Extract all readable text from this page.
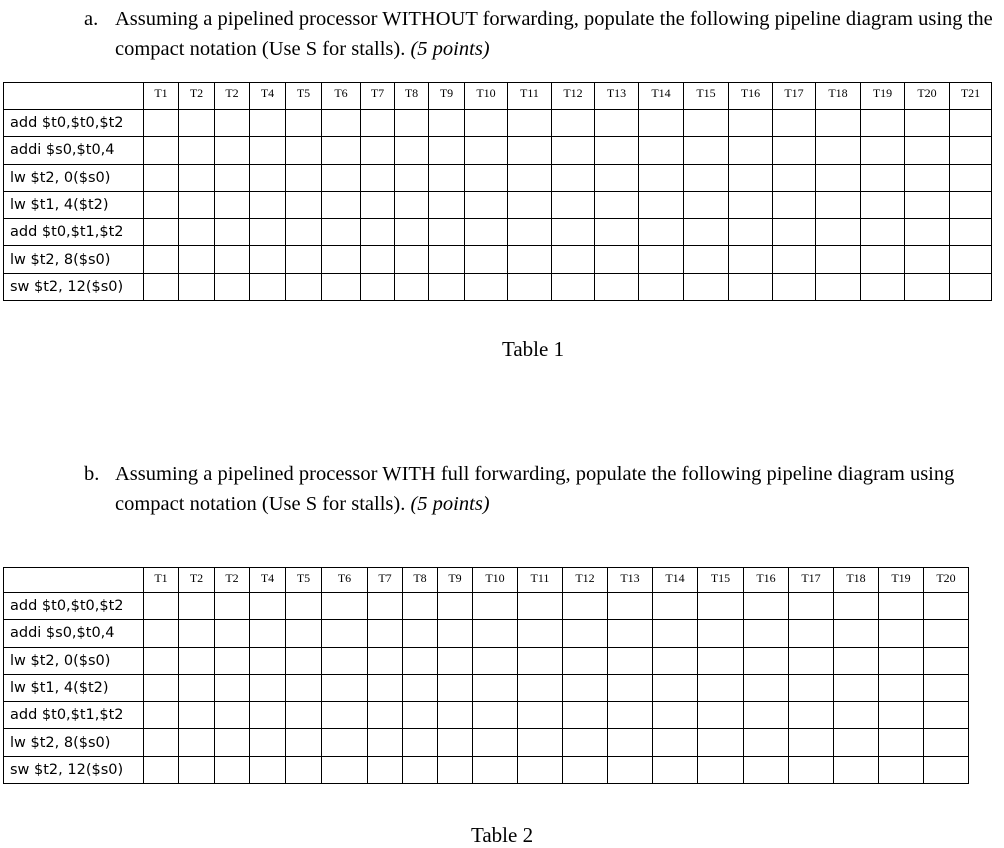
a. Assuming a pipelined processor WITHOUT forwarding, populate the following pipeline diagram using the compact notation (Use S for stalls). (5 points)
	T1	T2	T2	T4	T5	T6	T7	T8	T9	T10	T11	T12	T13	T14	T15	T16	T17	T18	T19	T20	T21
add $t0,$t0,$t2																					
addi $s0,$t0,4																					
lw $t2, 0($s0)																					
lw $t1, 4($t2)																					
add $t0,$t1,$t2																					
lw $t2, 8($s0)																					
sw $t2, 12($s0)																					
Table 1
b. Assuming a pipelined processor WITH full forwarding, populate the following pipeline diagram using compact notation (Use S for stalls). (5 points)
	T1	T2	T2	T4	T5	T6	T7	T8	T9	T10	T11	T12	T13	T14	T15	T16	T17	T18	T19	T20
add $t0,$t0,$t2																				
addi $s0,$t0,4																				
lw $t2, 0($s0)																				
lw $t1, 4($t2)																				
add $t0,$t1,$t2																				
lw $t2, 8($s0)																				
sw $t2, 12($s0)																				
Table 2
